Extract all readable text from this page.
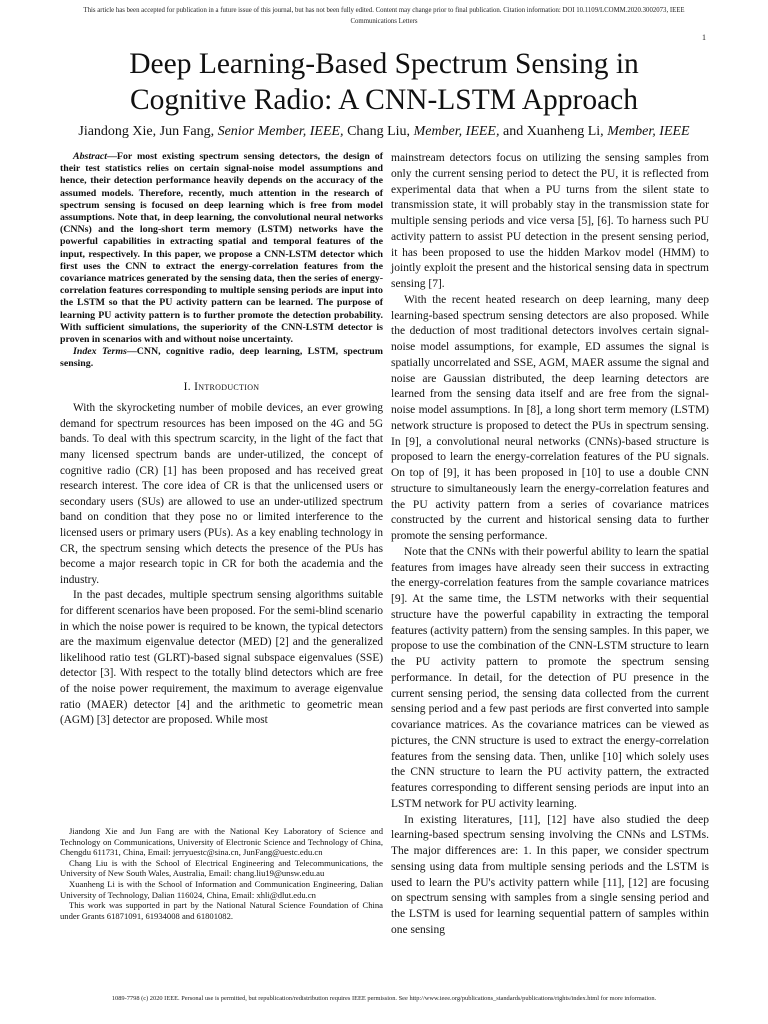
This article has been accepted for publication in a future issue of this journal, but has not been fully edited. Content may change prior to final publication. Citation information: DOI 10.1109/LCOMM.2020.3002073, IEEE
Communications Letters
1
Deep Learning-Based Spectrum Sensing in
Cognitive Radio: A CNN-LSTM Approach
Jiandong Xie, Jun Fang, Senior Member, IEEE, Chang Liu, Member, IEEE, and Xuanheng Li, Member, IEEE

Abstract—For most existing spectrum sensing detectors, the design of their test statistics relies on certain signal-noise model assumptions and hence, their detection performance heavily depends on the accuracy of the assumed models. Therefore, recently, much attention in the research of spectrum sensing is focused on deep learning which is free from model assumptions. Note that, in deep learning, the convolutional neural networks (CNNs) and the long-short term memory (LSTM) networks have the powerful capabilities in extracting spatial and temporal features of the input, respectively. In this paper, we propose a CNN-LSTM detector which first uses the CNN to extract the energy-correlation features from the covariance matrices generated by the sensing data, then the series of energy-correlation features corresponding to multiple sensing periods are input into the LSTM so that the PU activity pattern can be learned. The purpose of learning PU activity pattern is to further promote the detection probability. With sufficient simulations, the superiority of the CNN-LSTM detector is proven in scenarios with and without noise uncertainty.

Index Terms—CNN, cognitive radio, deep learning, LSTM, spectrum sensing.

I. Introduction

With the skyrocketing number of mobile devices, an ever growing demand for spectrum resources has been imposed on the 4G and 5G bands. To deal with this spectrum scarcity, in the light of the fact that many licensed spectrum bands are under-utilized, the concept of cognitive radio (CR) [1] has been proposed and has received great research interest. The core idea of CR is that the unlicensed users or secondary users (SUs) are allowed to use an under-utilized spectrum band on condition that they pose no or limited interference to the licensed users or primary users (PUs). As a key enabling technology in CR, the spectrum sensing which detects the presence of the PUs has become a major research topic in CR for both the academia and the industry.

In the past decades, multiple spectrum sensing algorithms suitable for different scenarios have been proposed. For the semi-blind scenario in which the noise power is required to be known, the typical detectors are the maximum eigenvalue detector (MED) [2] and the generalized likelihood ratio test (GLRT)-based signal subspace eigenvalues (SSE) detector [3]. With respect to the totally blind detectors which are free of the noise power requirement, the maximum to average eigenvalue ratio (MAER) detector [4] and the arithmetic to geometric mean (AGM) [3] detector are proposed. While most

Jiandong Xie and Jun Fang are with the National Key Laboratory of Science and Technology on Communications, University of Electronic Science and Technology of China, Chengdu 611731, China, Email: jerryuestc@sina.cn, JunFang@uestc.edu.cn

Chang Liu is with the School of Electrical Engineering and Telecommunications, the University of New South Wales, Australia, Email: chang.liu19@unsw.edu.au

Xuanheng Li is with the School of Information and Communication Engineering, Dalian University of Technology, Dalian 116024, China, Email: xhli@dlut.edu.cn

This work was supported in part by the National Natural Science Foundation of China under Grants 61871091, 61934008 and 61801082.

mainstream detectors focus on utilizing the sensing samples from only the current sensing period to detect the PU, it is reflected from experimental data that when a PU turns from the silent state to transmission state, it will probably stay in the transmission state for multiple sensing periods and vice versa [5], [6]. To harness such PU activity pattern to assist PU detection in the present sensing period, it has been proposed to use the hidden Markov model (HMM) to jointly exploit the present and the historical sensing data in spectrum sensing [7].

With the recent heated research on deep learning, many deep learning-based spectrum sensing detectors are also proposed. While the deduction of most traditional detectors involves certain signal-noise model assumptions, for example, ED assumes the signal is spatially uncorrelated and SSE, AGM, MAER assume the signal and noise are Gaussian distributed, the deep learning detectors are learned from the sensing data itself and are free from the signal-noise model assumptions. In [8], a long short term memory (LSTM) network structure is proposed to detect the PUs in spectrum sensing. In [9], a convolutional neural networks (CNNs)-based structure is proposed to learn the energy-correlation features of the PU signals. On top of [9], it has been proposed in [10] to use a double CNN structure to simultaneously learn the energy-correlation features and the PU activity pattern from a series of covariance matrices constructed by the current and historical sensing data to further promote the sensing performance.

Note that the CNNs with their powerful ability to learn the spatial features from images have already seen their success in extracting the energy-correlation features from the sample covariance matrices [9]. At the same time, the LSTM networks with their sequential structure have the powerful capability in extracting the temporal features (activity pattern) from the sensing samples. In this paper, we propose to use the combination of the CNN-LSTM structure to learn the PU activity pattern to promote the spectrum sensing performance. In detail, for the detection of PU presence in the current sensing period, the sensing data collected from the current sensing period and a few past periods are first converted into sample covariance matrices. As the covariance matrices can be viewed as pictures, the CNN structure is used to extract the energy-correlation features from the sensing data. Then, unlike [10] which solely uses the CNN structure to learn the PU activity pattern, the extracted features corresponding to different sensing periods are input into an LSTM network for PU activity learning.

In existing literatures, [11], [12] have also studied the deep learning-based spectrum sensing involving the CNNs and LSTMs. The major differences are: 1. In this paper, we consider spectrum sensing using data from multiple sensing periods and the LSTM is used to learn the PU's activity pattern while [11], [12] are focusing on spectrum sensing with samples from a single sensing period and the LSTM is used for learning sequential pattern of samples within one sensing

1089-7798 (c) 2020 IEEE. Personal use is permitted, but republication/redistribution requires IEEE permission. See http://www.ieee.org/publications_standards/publications/rights/index.html for more information.
